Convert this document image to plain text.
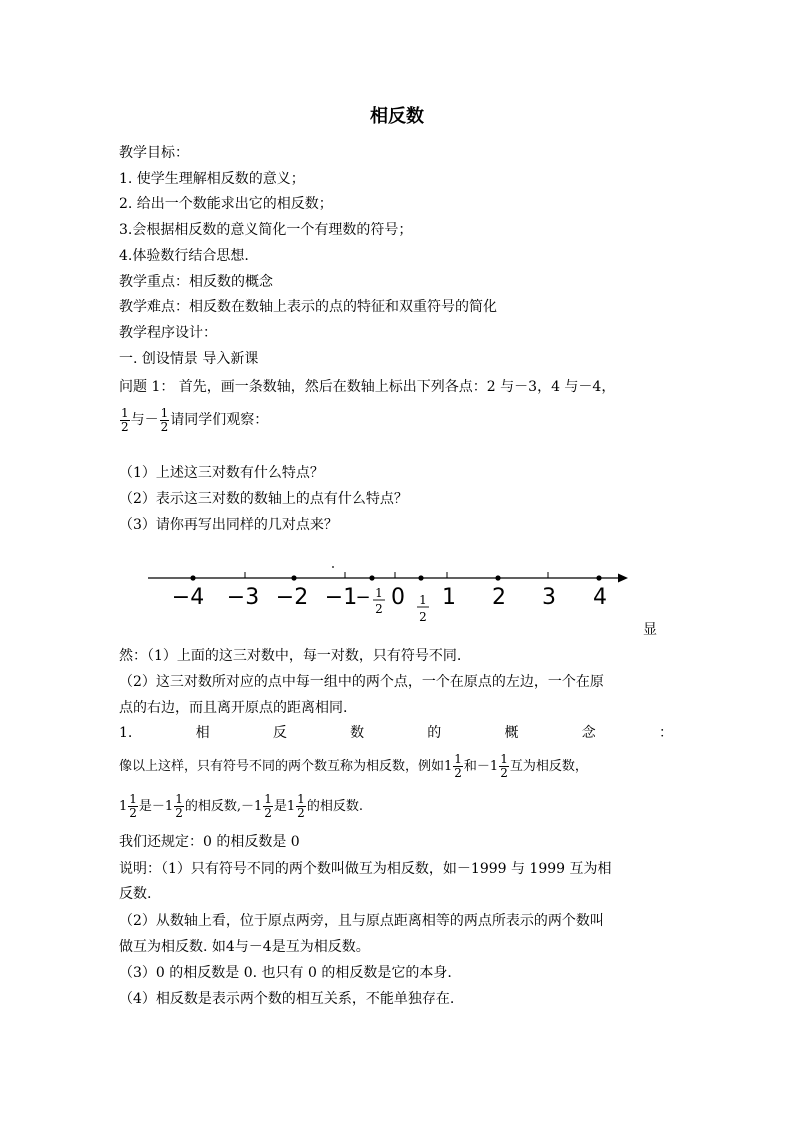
相反数
教学目标：
1. 使学生理解相反数的意义；
2. 给出一个数能求出它的相反数；
3.会根据相反数的意义简化一个有理数的符号；
4.体验数行结合思想.
教学重点：相反数的概念
教学难点：相反数在数轴上表示的点的特征和双重符号的简化
教学程序设计：
一. 创设情景 导入新课
问题 1： 首先，画一条数轴，然后在数轴上标出下列各点：2 与－3，4 与－4，
$\frac{1}{2}$ 与－ $\frac{1}{2}$ 请同学们观察：
（1）上述这三对数有什么特点？
（2）表示这三对数的数轴上的点有什么特点？
（3）请你再写出同样的几对点来？
−4 −3 −2 −1
− 0 1 2 3 4
1
2
1
2
显
然：（1）上面的这三对数中，每一对数，只有符号不同.
（2）这三对数所对应的点中每一组中的两个点，一个在原点的左边，一个在原
点的右边，而且离开原点的距离相同.
1.	相	反	数	的	概	念	：
像以上这样，只有符号不同的两个数互称为相反数，例如$1 \frac{1}{2}$ 和$-1 \frac{1}{2}$ 互为相反数，
$1 \frac{1}{2}$ 是$-1 \frac{1}{2}$ 的相反数$,-1 \frac{1}{2}$ 是$1 \frac{1}{2}$ 的相反数.
我们还规定：0 的相反数是 0
说明：（1）只有符号不同的两个数叫做互为相反数，如－1999 与 1999 互为相
反数.
（2）从数轴上看，位于原点两旁，且与原点距离相等的两点所表示的两个数叫
做互为相反数. 如4与－4是互为相反数。
（3）0 的相反数是 0. 也只有 0 的相反数是它的本身.
（4）相反数是表示两个数的相互关系，不能单独存在.
